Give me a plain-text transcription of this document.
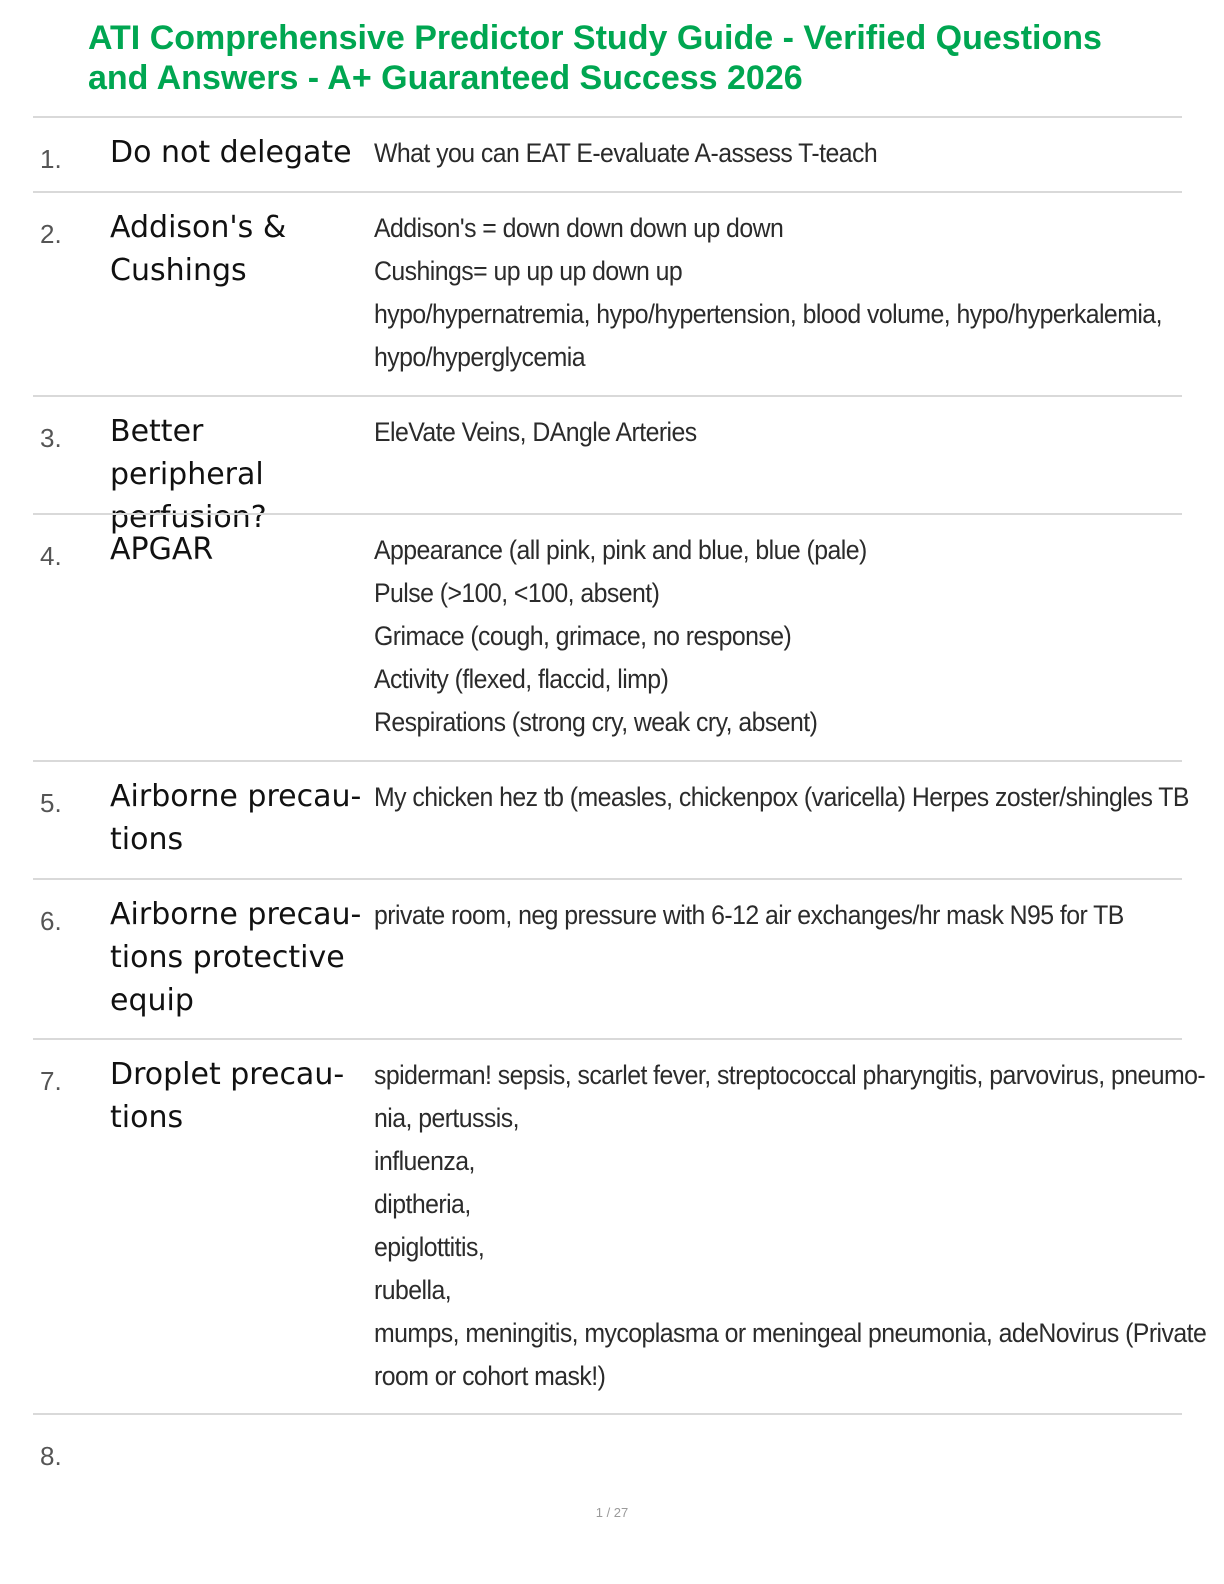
ATI Comprehensive Predictor Study Guide - Verified Questions
and Answers - A+ Guaranteed Success 2026
1. Do not delegate What you can EAT E-evaluate A-assess T-teach
2. Addison's & Cushings
Addison's = down down down up down
Cushings= up up up down up
hypo/hypernatremia, hypo/hypertension, blood volume, hypo/hyperkalemia,
hypo/hyperglycemia
3. Better peripheral perfusion?
EleVate Veins, DAngle Arteries
4. APGAR	Appearance (all pink, pink and blue, blue (pale)
Pulse (>100, <100, absent)
Grimace (cough, grimace, no response)
Activity (flexed, flaccid, limp)
Respirations (strong cry, weak cry, absent)
5. Airborne precau- tions
My chicken hez tb (measles, chickenpox (varicella) Herpes zoster/shingles TB
6. Airborne precau- tions protective equip
private room, neg pressure with 6-12 air exchanges/hr mask N95 for TB
7. Droplet precau- tions
spiderman! sepsis, scarlet fever, streptococcal pharyngitis, parvovirus, pneumo-
nia, pertussis,
influenza,
diptheria,
epiglottitis,
rubella,
mumps, meningitis, mycoplasma or meningeal pneumonia, adeNovirus (Private
room or cohort mask!)
8.
1 / 27
